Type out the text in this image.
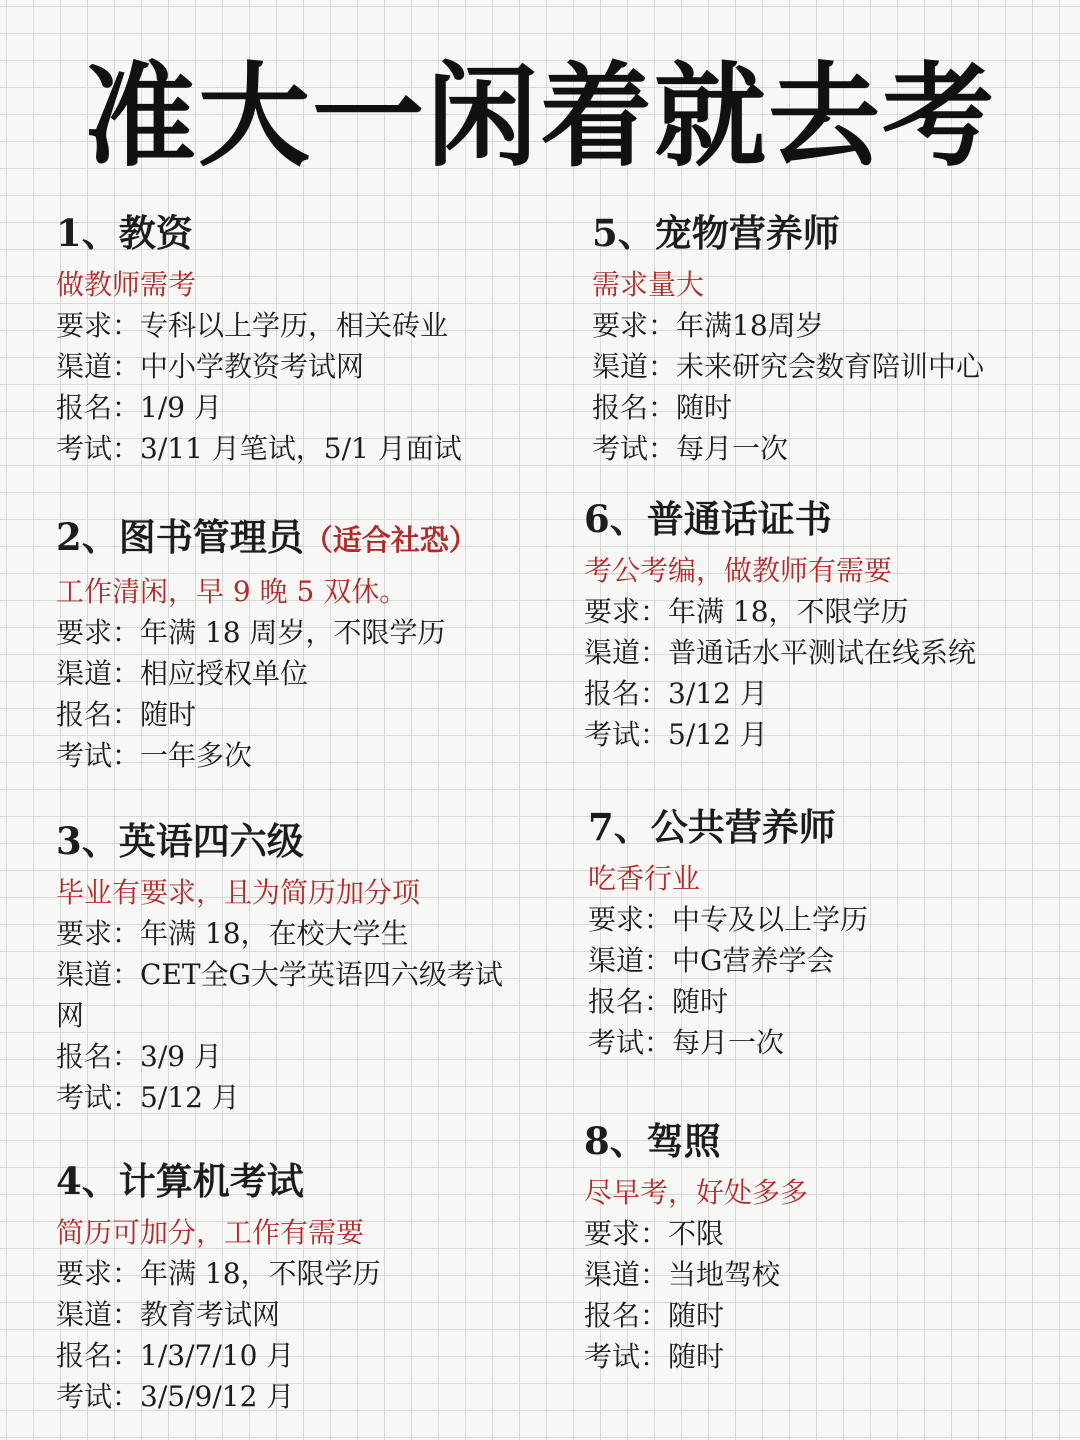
准大一闲着就去考
1、教资
做教师需考
要求：专科以上学历，相关砖业
渠道：中小学教资考试网
报名：1/9 月
考试：3/11 月笔试，5/1 月面试
2、图书管理员（适合社恐）
工作清闲，早 9 晚 5 双休。
要求：年满 18 周岁，不限学历
渠道：相应授权单位
报名：随时
考试：一年多次
3、英语四六级
毕业有要求，且为简历加分项
要求：年满 18，在校大学生
渠道：CET全G大学英语四六级考试网
报名：3/9 月
考试：5/12 月
4、计算机考试
简历可加分，工作有需要
要求：年满 18，不限学历
渠道：教育考试网
报名：1/3/7/10 月
考试：3/5/9/12 月
5、宠物营养师
需求量大
要求：年满18周岁
渠道：未来研究会数育陪训中心
报名：随时
考试：每月一次
6、普通话证书
考公考编，做教师有需要
要求：年满 18，不限学历
渠道：普通话水平测试在线系统
报名：3/12 月
考试：5/12 月
7、公共营养师
吃香行业
要求：中专及以上学历
渠道：中G营养学会
报名：随时
考试：每月一次
8、驾照
尽早考，好处多多
要求：不限
渠道：当地驾校
报名：随时
考试：随时
